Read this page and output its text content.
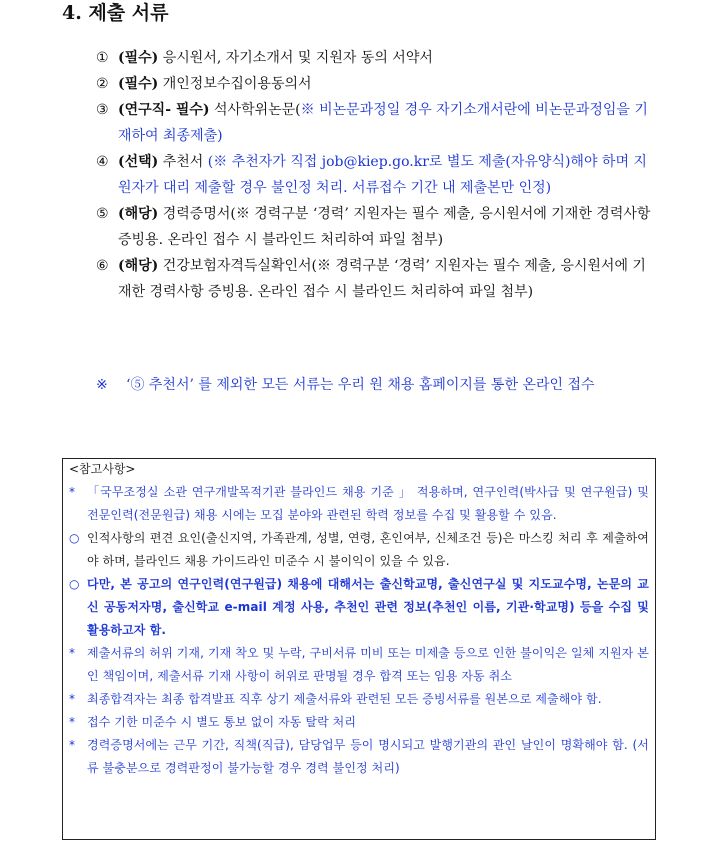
4. 제출 서류
① (필수) 응시원서, 자기소개서 및 지원자 동의 서약서
② (필수) 개인정보수집이용동의서
③ (연구직- 필수) 석사학위논문(※ 비논문과정일 경우 자기소개서란에 비논문과정임을 기재하여 최종제출)
④ (선택) 추천서 (※ 추천자가 직접 job@kiep.go.kr로 별도 제출(자유양식)해야 하며 지원자가 대리 제출할 경우 불인정 처리. 서류접수 기간 내 제출본만 인정)
⑤ (해당) 경력증명서(※ 경력구분 ‘경력’ 지원자는 필수 제출, 응시원서에 기재한 경력사항 증빙용. 온라인 접수 시 블라인드 처리하여 파일 첨부)
⑥ (해당) 건강보험자격득실확인서(※ 경력구분 ‘경력’ 지원자는 필수 제출, 응시원서에 기재한 경력사항 증빙용. 온라인 접수 시 블라인드 처리하여 파일 첨부)
※	‘⑤ 추천서’ 를 제외한 모든 서류는 우리 원 채용 홈페이지를 통한 온라인 접수
<참고사항>
* 「국무조정실 소관 연구개발목적기관 블라인드 채용 기준 」 적용하며, 연구인력(박사급 및 연구원급) 및 전문인력(전문원급) 채용 시에는 모집 분야와 관련된 학력 정보를 수집 및 활용할 수 있음.
○ 인적사항의 편견 요인(출신지역, 가족관계, 성별, 연령, 혼인여부, 신체조건 등)은 마스킹 처리 후 제출하여야 하며, 블라인드 채용 가이드라인 미준수 시 불이익이 있을 수 있음.
○ 다만, 본 공고의 연구인력(연구원급) 채용에 대해서는 출신학교명, 출신연구실 및 지도교수명, 논문의 교신 공동저자명, 출신학교 e-mail 계정 사용, 추천인 관련 정보(추천인 이름, 기관·학교명) 등을 수집 및 활용하고자 함.
* 제출서류의 허위 기재, 기재 착오 및 누락, 구비서류 미비 또는 미제출 등으로 인한 불이익은 일체 지원자 본인 책임이며, 제출서류 기재 사항이 허위로 판명될 경우 합격 또는 임용 자동 취소
* 최종합격자는 최종 합격발표 직후 상기 제출서류와 관련된 모든 증빙서류를 원본으로 제출해야 함.
* 접수 기한 미준수 시 별도 통보 없이 자동 탈락 처리
* 경력증명서에는 근무 기간, 직책(직급), 담당업무 등이 명시되고 발행기관의 관인 날인이 명확해야 함. (서류 불충분으로 경력판정이 불가능할 경우 경력 불인정 처리)
